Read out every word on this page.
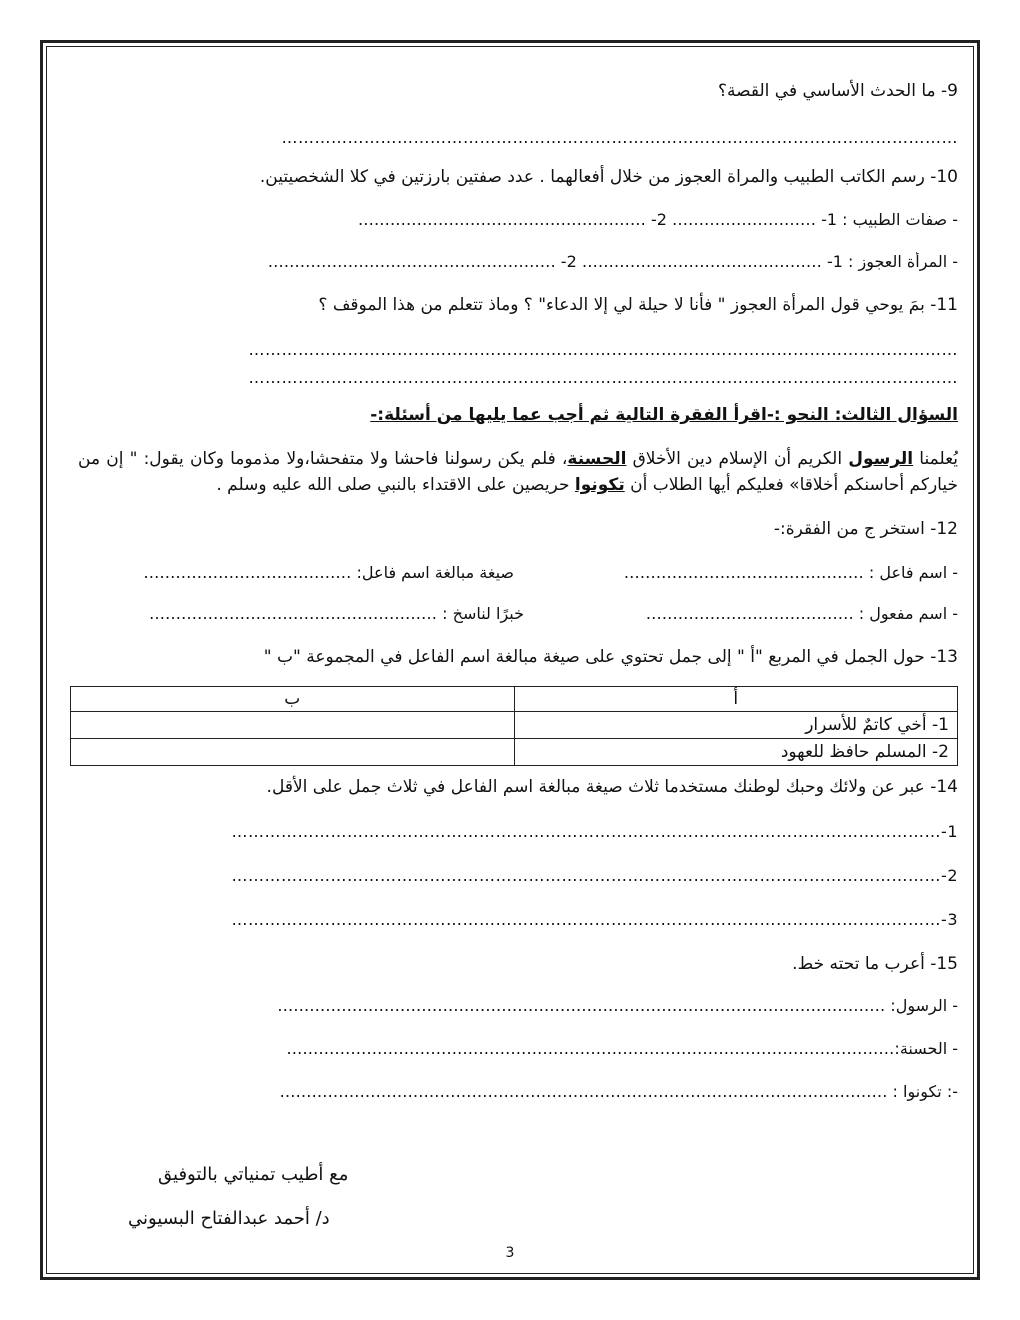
9- ما الحدث الأساسي في القصة؟
……………………………………………………………………………………………………………
10- رسم الكاتب الطبيب والمراة العجوز من خلال أفعالهما . عدد صفتين بارزتين في كلا الشخصيتين.
- صفات الطبيب : 1- ……………………… 2- ………………………………………………
- المرأة العجوز : 1- ……………………………………… 2- ………………………………………………
11- بمَ يوحي قول المرأة العجوز " فأنا لا حيلة لي إلا الدعاء" ؟ وماذ تتعلم من هذا الموقف ؟
…………………………………………………………………………………………………………………
…………………………………………………………………………………………………………………
السؤال الثالث: النحو :-اقرأ الفقرة التالية ثم أجب عما يليها من أسئلة:-
يُعلمنا الرسول الكريم أن الإسلام دين الأخلاق الحسنة، فلم يكن رسولنا فاحشا ولا متفحشا،ولا مذموما وكان يقول: " إن من خياركم أحاسنكم أخلاقا» فعليكم أيها الطلاب أن تكونوا حريصين على الاقتداء بالنبي صلى الله عليه وسلم .
12- استخر ج من الفقرة:-
- اسم فاعل : ………………………………………
صيغة مبالغة اسم فاعل: …………………………………
- اسم مفعول : …………………………………
خبرًا لناسخ : ………………………………………………
13- حول الجمل في المربع "أ " إلى جمل تحتوي على صيغة مبالغة اسم الفاعل في المجموعة "ب "
أ	ب
1- أخي كاتمٌ للأسرار	
2- المسلم حافظ للعهود	
14- عبر عن ولائك وحبك لوطنك مستخدما ثلاث صيغة مبالغة اسم الفاعل في ثلاث جمل على الأقل.
1-…………………………………………………………………………………………………………………
2-…………………………………………………………………………………………………………………
3-…………………………………………………………………………………………………………………
15- أعرب ما تحته خط.
- الرسول: ……………………………………………………………………………………………………
- الحسنة:……………………………………………………………………………………………………
-: تكونوا : ……………………………………………………………………………………………………
مع أطيب تمنياتي بالتوفيق
د/ أحمد عبدالفتاح البسيوني
3
